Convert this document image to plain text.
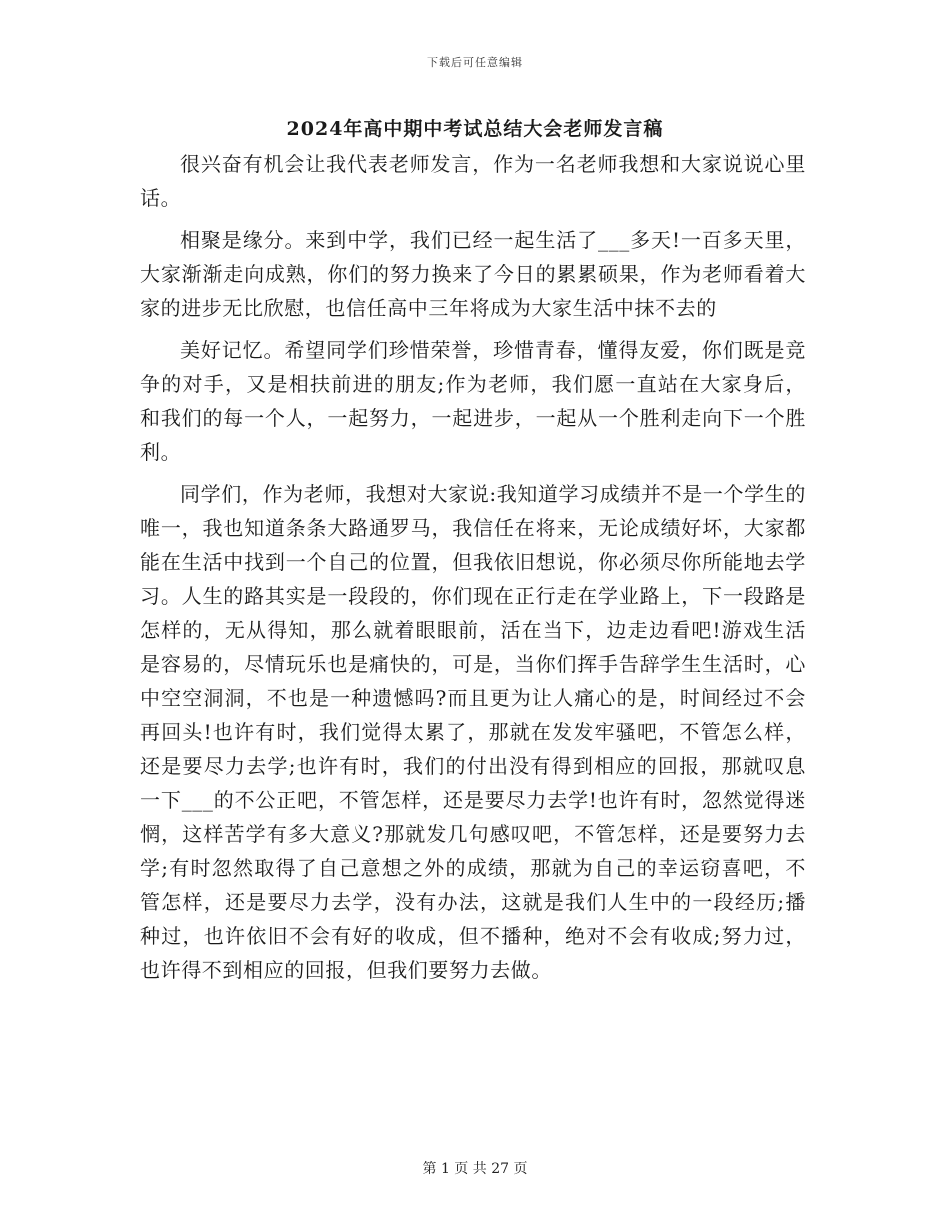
下载后可任意编辑
2024年高中期中考试总结大会老师发言稿

很兴奋有机会让我代表老师发言，作为一名老师我想和大家说说心里话。

相聚是缘分。来到中学，我们已经一起生活了___多天!一百多天里，大家渐渐走向成熟，你们的努力换来了今日的累累硕果，作为老师看着大家的进步无比欣慰，也信任高中三年将成为大家生活中抹不去的

美好记忆。希望同学们珍惜荣誉，珍惜青春，懂得友爱，你们既是竞争的对手，又是相扶前进的朋友;作为老师，我们愿一直站在大家身后，和我们的每一个人，一起努力，一起进步，一起从一个胜利走向下一个胜利。

同学们，作为老师，我想对大家说:我知道学习成绩并不是一个学生的唯一，我也知道条条大路通罗马，我信任在将来，无论成绩好坏，大家都能在生活中找到一个自己的位置，但我依旧想说，你必须尽你所能地去学习。人生的路其实是一段段的，你们现在正行走在学业路上，下一段路是怎样的，无从得知，那么就着眼眼前，活在当下，边走边看吧!游戏生活是容易的，尽情玩乐也是痛快的，可是，当你们挥手告辞学生生活时，心中空空洞洞，不也是一种遗憾吗?而且更为让人痛心的是，时间经过不会再回头!也许有时，我们觉得太累了，那就在发发牢骚吧，不管怎么样，还是要尽力去学;也许有时，我们的付出没有得到相应的回报，那就叹息一下___的不公正吧，不管怎样，还是要尽力去学!也许有时，忽然觉得迷惘，这样苦学有多大意义?那就发几句感叹吧，不管怎样，还是要努力去学;有时忽然取得了自己意想之外的成绩，那就为自己的幸运窃喜吧，不管怎样，还是要尽力去学，没有办法，这就是我们人生中的一段经历;播种过，也许依旧不会有好的收成，但不播种，绝对不会有收成;努力过，也许得不到相应的回报，但我们要努力去做。

第 1 页 共 27 页
